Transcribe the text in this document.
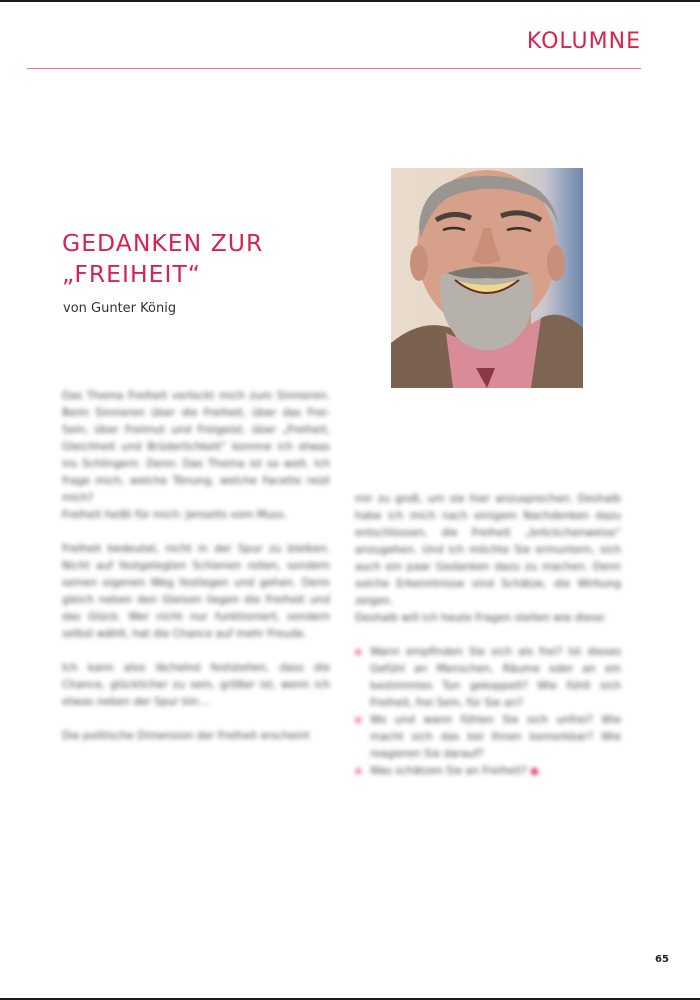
KOLUMNE
GEDANKEN ZUR
„FREIHEIT“
von Gunter König

Das Thema Freiheit verlockt mich zum Sinnieren. Beim Sinnieren über die Freiheit, über das Frei-Sein, über Freimut und Freigeist, über „Freiheit, Gleichheit und Brüderlichkeit“ komme ich etwas ins Schlingern. Denn: Das Thema ist so weit. Ich frage mich, welche Tönung, welche Facette reizt mich?

Freiheit heißt für mich: Jenseits vom Muss.

Freiheit bedeutet, nicht in der Spur zu bleiben. Nicht auf festgelegten Schienen rollen, sondern seinen eigenen Weg festlegen und gehen. Denn gleich neben den Gleisen liegen die Freiheit und das Glück. Wer nicht nur funktioniert, sondern selbst wählt, hat die Chance auf mehr Freude.

Ich kann also lächelnd feststellen, dass die Chance, glücklicher zu sein, größer ist, wenn ich etwas neben der Spur bin…

Die politische Dimension der Freiheit erscheint

mir zu groß, um sie hier anzusprechen. Deshalb habe ich mich nach einigem Nachdenken dazu entschlossen, die Freiheit „bröckchenweise“ anzugehen. Und ich möchte Sie ermuntern, sich auch ein paar Gedanken dazu zu machen. Denn solche Erkenntnisse sind Schätze, die Wirkung zeigen.

Deshalb will ich heute Fragen stellen wie diese:

■ Wann empfinden Sie sich als frei? Ist dieses Gefühl an Menschen, Räume oder an ein bestimmtes Tun gekoppelt? Wie fühlt sich Freiheit, frei Sein, für Sie an?
■ Wo und wann fühlen Sie sich unfrei? Wie macht sich das bei Ihnen bemerkbar? Wie reagieren Sie darauf?
■ Was schätzen Sie an Freiheit?
65
